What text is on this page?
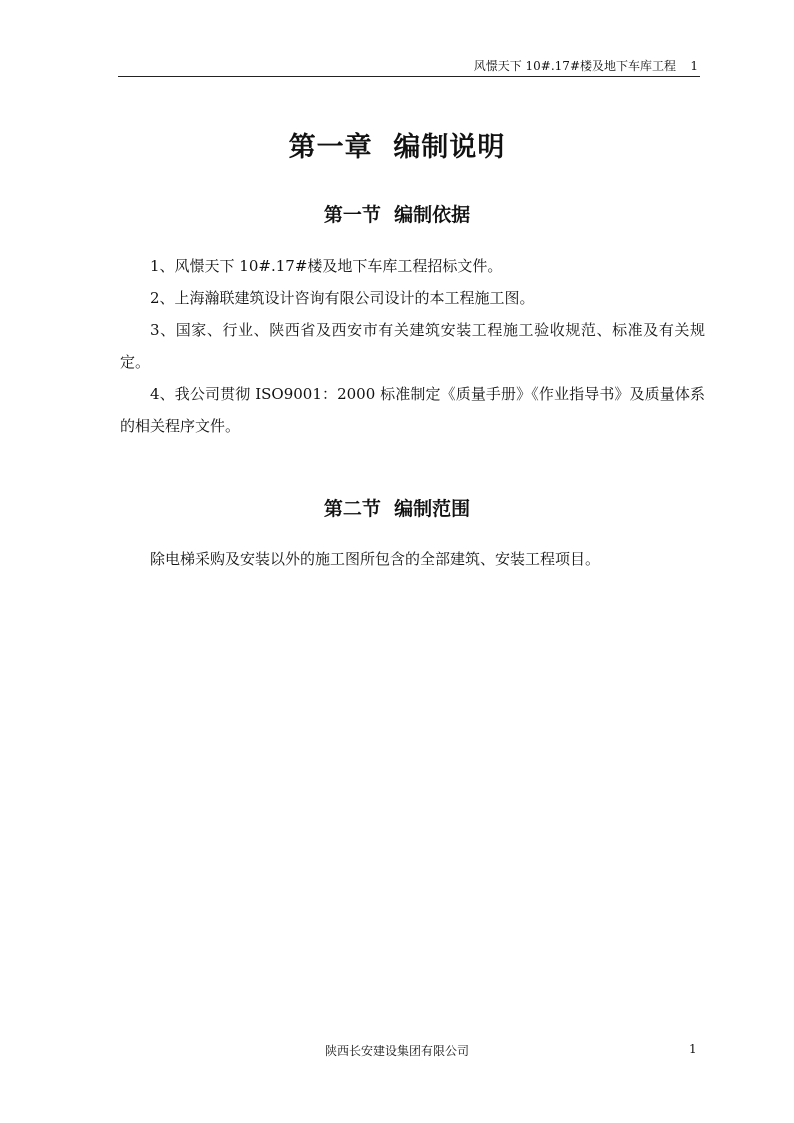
风憬天下 10#.17#楼及地下车库工程 1
第一章  编制说明
第一节  编制依据
1、风憬天下 10#.17#楼及地下车库工程招标文件。
2、上海瀚联建筑设计咨询有限公司设计的本工程施工图。
3、国家、行业、陕西省及西安市有关建筑安装工程施工验收规范、标准及有关规定。
4、我公司贯彻 ISO9001：2000 标准制定《质量手册》《作业指导书》及质量体系的相关程序文件。
第二节  编制范围
除电梯采购及安装以外的施工图所包含的全部建筑、安装工程项目。
陕西长安建设集团有限公司	1
